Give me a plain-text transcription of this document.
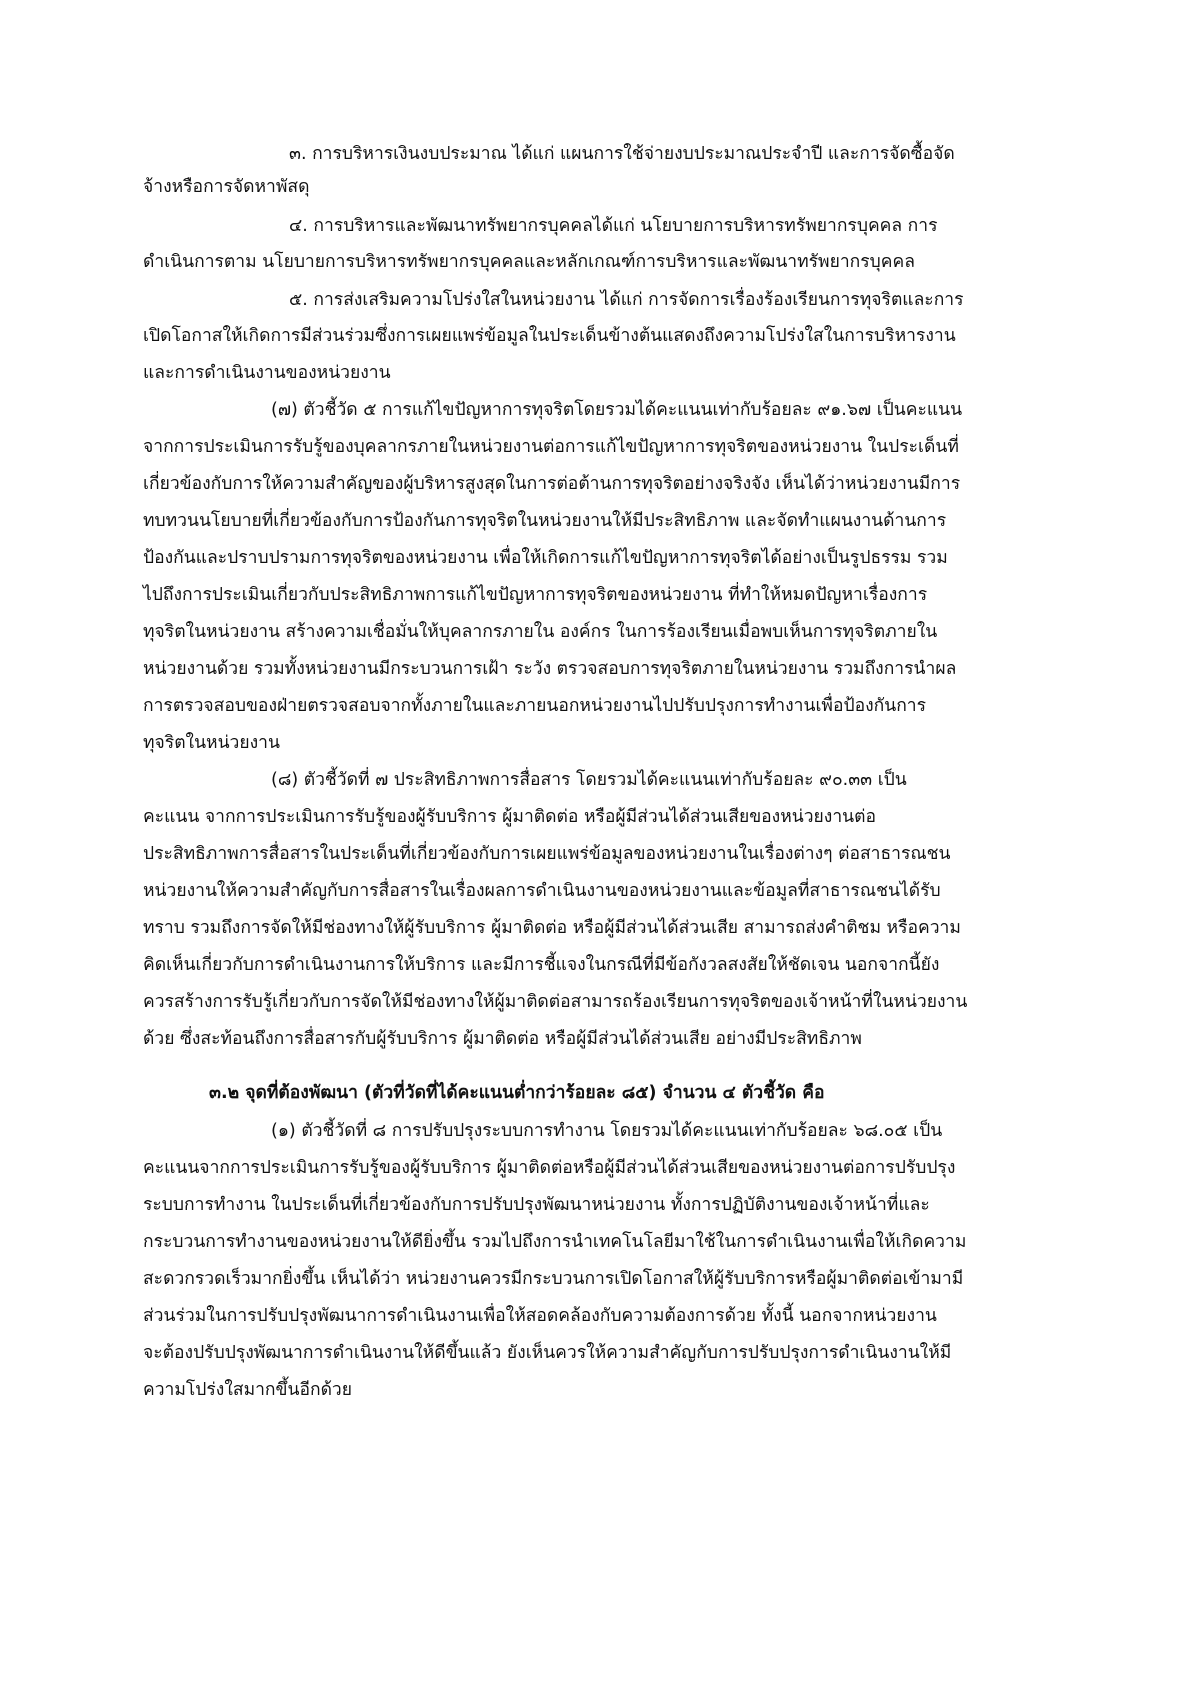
๓. การบริหารเงินงบประมาณ ได้แก่ แผนการใช้จ่ายงบประมาณประจำปี และการจัดซื้อจัด
จ้างหรือการจัดหาพัสดุ
๔. การบริหารและพัฒนาทรัพยากรบุคคลได้แก่ นโยบายการบริหารทรัพยากรบุคคล การ
ดำเนินการตาม นโยบายการบริหารทรัพยากรบุคคลและหลักเกณฑ์การบริหารและพัฒนาทรัพยากรบุคคล
๕. การส่งเสริมความโปร่งใสในหน่วยงาน ได้แก่ การจัดการเรื่องร้องเรียนการทุจริตและการ
เปิดโอกาสให้เกิดการมีส่วนร่วมซึ่งการเผยแพร่ข้อมูลในประเด็นข้างต้นแสดงถึงความโปร่งใสในการบริหารงาน
และการดำเนินงานของหน่วยงาน
(๗) ตัวชี้วัด ๕ การแก้ไขปัญหาการทุจริตโดยรวมได้คะแนนเท่ากับร้อยละ ๙๑.๖๗ เป็นคะแนน
จากการประเมินการรับรู้ของบุคลากรภายในหน่วยงานต่อการแก้ไขปัญหาการทุจริตของหน่วยงาน ในประเด็นที่
เกี่ยวข้องกับการให้ความสำคัญของผู้บริหารสูงสุดในการต่อต้านการทุจริตอย่างจริงจัง เห็นได้ว่าหน่วยงานมีการ
ทบทวนนโยบายที่เกี่ยวข้องกับการป้องกันการทุจริตในหน่วยงานให้มีประสิทธิภาพ และจัดทำแผนงานด้านการ
ป้องกันและปราบปรามการทุจริตของหน่วยงาน เพื่อให้เกิดการแก้ไขปัญหาการทุจริตได้อย่างเป็นรูปธรรม รวม
ไปถึงการประเมินเกี่ยวกับประสิทธิภาพการแก้ไขปัญหาการทุจริตของหน่วยงาน ที่ทำให้หมดปัญหาเรื่องการ
ทุจริตในหน่วยงาน สร้างความเชื่อมั่นให้บุคลากรภายใน องค์กร ในการร้องเรียนเมื่อพบเห็นการทุจริตภายใน
หน่วยงานด้วย รวมทั้งหน่วยงานมีกระบวนการเฝ้า ระวัง ตรวจสอบการทุจริตภายในหน่วยงาน รวมถึงการนำผล
การตรวจสอบของฝ่ายตรวจสอบจากทั้งภายในและภายนอกหน่วยงานไปปรับปรุงการทำงานเพื่อป้องกันการ
ทุจริตในหน่วยงาน
(๘) ตัวชี้วัดที่ ๗ ประสิทธิภาพการสื่อสาร โดยรวมได้คะแนนเท่ากับร้อยละ ๙๐.๓๓ เป็น
คะแนน จากการประเมินการรับรู้ของผู้รับบริการ ผู้มาติดต่อ หรือผู้มีส่วนได้ส่วนเสียของหน่วยงานต่อ
ประสิทธิภาพการสื่อสารในประเด็นที่เกี่ยวข้องกับการเผยแพร่ข้อมูลของหน่วยงานในเรื่องต่างๆ ต่อสาธารณชน
หน่วยงานให้ความสำคัญกับการสื่อสารในเรื่องผลการดำเนินงานของหน่วยงานและข้อมูลที่สาธารณชนได้รับ
ทราบ รวมถึงการจัดให้มีช่องทางให้ผู้รับบริการ ผู้มาติดต่อ หรือผู้มีส่วนได้ส่วนเสีย สามารถส่งคำติชม หรือความ
คิดเห็นเกี่ยวกับการดำเนินงานการให้บริการ และมีการชี้แจงในกรณีที่มีข้อกังวลสงสัยให้ชัดเจน นอกจากนี้ยัง
ควรสร้างการรับรู้เกี่ยวกับการจัดให้มีช่องทางให้ผู้มาติดต่อสามารถร้องเรียนการทุจริตของเจ้าหน้าที่ในหน่วยงาน
ด้วย ซึ่งสะท้อนถึงการสื่อสารกับผู้รับบริการ ผู้มาติดต่อ หรือผู้มีส่วนได้ส่วนเสีย อย่างมีประสิทธิภาพ
๓.๒ จุดที่ต้องพัฒนา (ตัวที่วัดที่ได้คะแนนต่ำกว่าร้อยละ ๘๕) จำนวน ๔ ตัวชี้วัด คือ
(๑) ตัวชี้วัดที่ ๘ การปรับปรุงระบบการทำงาน โดยรวมได้คะแนนเท่ากับร้อยละ ๖๘.๐๕ เป็น
คะแนนจากการประเมินการรับรู้ของผู้รับบริการ ผู้มาติดต่อหรือผู้มีส่วนได้ส่วนเสียของหน่วยงานต่อการปรับปรุง
ระบบการทำงาน ในประเด็นที่เกี่ยวข้องกับการปรับปรุงพัฒนาหน่วยงาน ทั้งการปฏิบัติงานของเจ้าหน้าที่และ
กระบวนการทำงานของหน่วยงานให้ดียิ่งขึ้น รวมไปถึงการนำเทคโนโลยีมาใช้ในการดำเนินงานเพื่อให้เกิดความ
สะดวกรวดเร็วมากยิ่งขึ้น เห็นได้ว่า หน่วยงานควรมีกระบวนการเปิดโอกาสให้ผู้รับบริการหรือผู้มาติดต่อเข้ามามี
ส่วนร่วมในการปรับปรุงพัฒนาการดำเนินงานเพื่อให้สอดคล้องกับความต้องการด้วย ทั้งนี้ นอกจากหน่วยงาน
จะต้องปรับปรุงพัฒนาการดำเนินงานให้ดีขึ้นแล้ว ยังเห็นควรให้ความสำคัญกับการปรับปรุงการดำเนินงานให้มี
ความโปร่งใสมากขึ้นอีกด้วย
